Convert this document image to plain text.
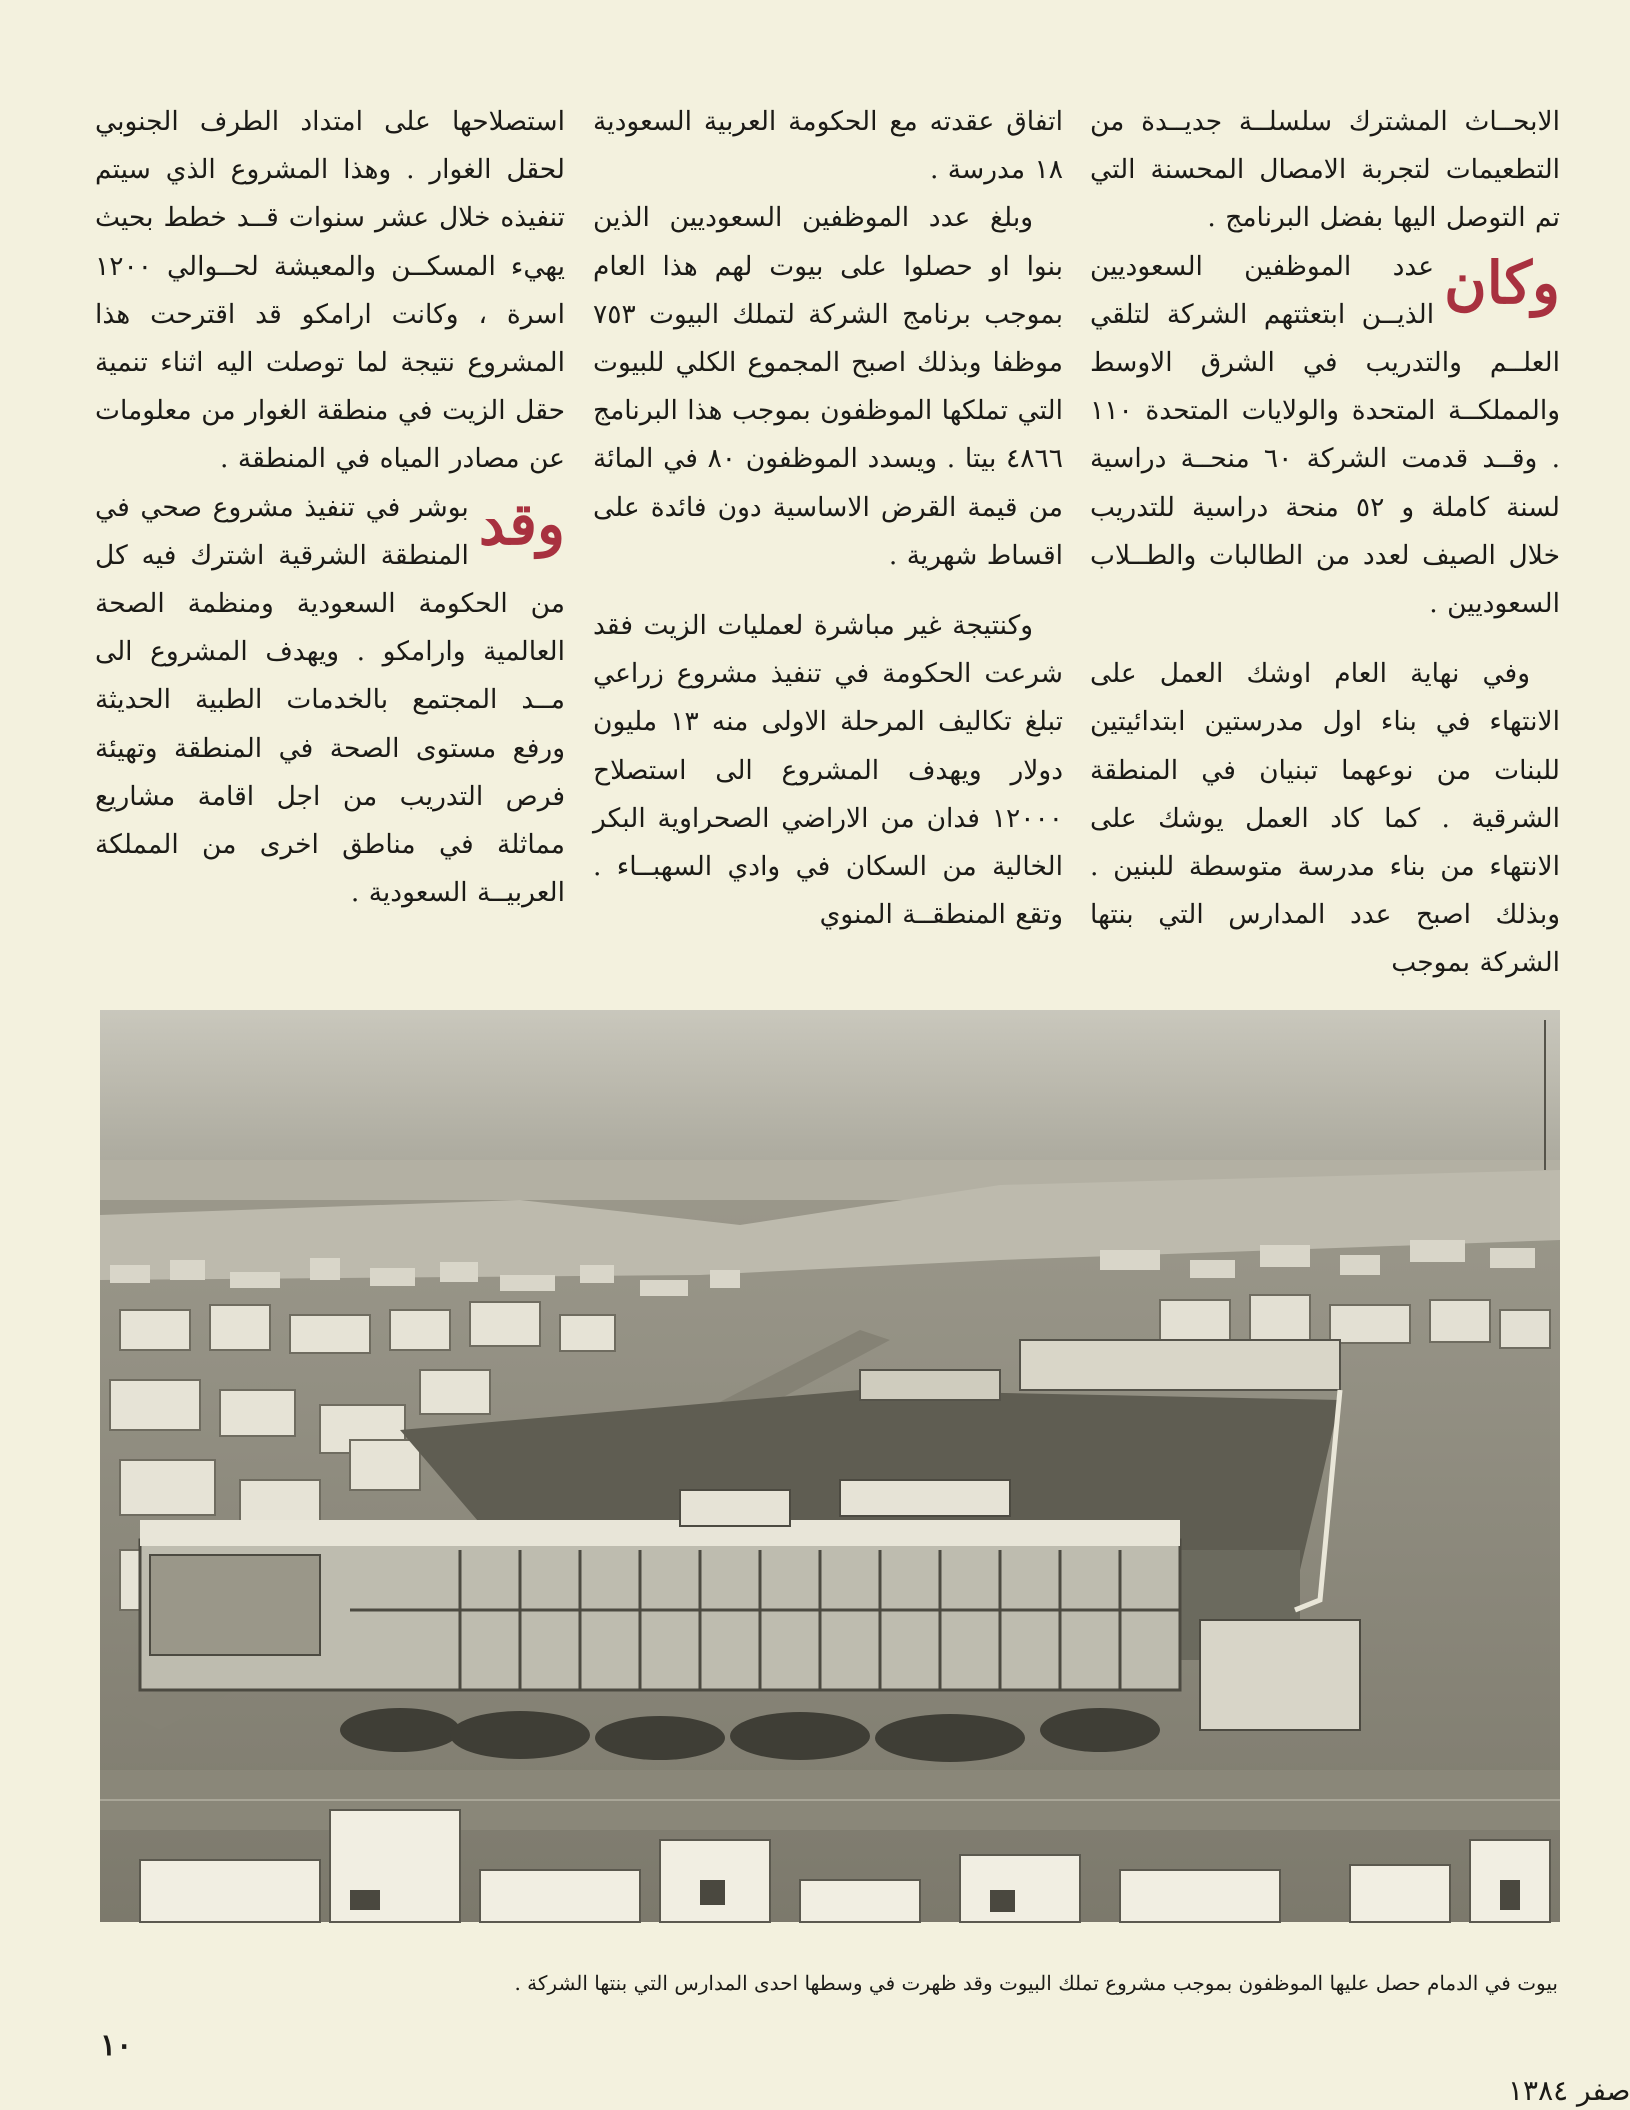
الابحــاث المشترك سلسلــة جديــدة من التطعيمات لتجربة الامصال المحسنة التي تم التوصل اليها بفضل البرنامج .

وكان
عدد الموظفين السعوديين الذيــن ابتعثتهم الشركة لتلقي العلــم والتدريب في الشرق الاوسط والمملكــة المتحدة والولايات المتحدة ١١٠ . وقــد قدمت الشركة ٦٠ منحــة دراسية لسنة كاملة و ٥٢ منحة دراسية للتدريب خلال الصيف لعدد من الطالبات والطــلاب السعوديين .

وفي نهاية العام اوشك العمل على الانتهاء في بناء اول مدرستين ابتدائيتين للبنات من نوعهما تبنيان في المنطقة الشرقية . كما كاد العمل يوشك على الانتهاء من بناء مدرسة متوسطة للبنين . وبذلك اصبح عدد المدارس التي بنتها الشركة بموجب

اتفاق عقدته مع الحكومة العربية السعودية ١٨ مدرسة .

وبلغ عدد الموظفين السعوديين الذين بنوا او حصلوا على بيوت لهم هذا العام بموجب برنامج الشركة لتملك البيوت ٧٥٣ موظفا وبذلك اصبح المجموع الكلي للبيوت التي تملكها الموظفون بموجب هذا البرنامج ٤٨٦٦ بيتا . ويسدد الموظفون ٨٠ في المائة من قيمة القرض الاساسية دون فائدة على اقساط شهرية .

وكنتيجة غير مباشرة لعمليات الزيت فقد شرعت الحكومة في تنفيذ مشروع زراعي تبلغ تكاليف المرحلة الاولى منه ١٣ مليون دولار ويهدف المشروع الى استصلاح ١٢٠٠٠ فدان من الاراضي الصحراوية البكر الخالية من السكان في وادي السهبــاء . وتقع المنطقــة المنوي

استصلاحها على امتداد الطرف الجنوبي لحقل الغوار . وهذا المشروع الذي سيتم تنفيذه خلال عشر سنوات قــد خطط بحيث يهيء المسكــن والمعيشة لحــوالي ١٢٠٠ اسرة ، وكانت ارامكو قد اقترحت هذا المشروع نتيجة لما توصلت اليه اثناء تنمية حقل الزيت في منطقة الغوار من معلومات عن مصادر المياه في المنطقة .

وقد
بوشر في تنفيذ مشروع صحي في المنطقة الشرقية اشترك فيه كل من الحكومة السعودية ومنظمة الصحة العالمية وارامكو . ويهدف المشروع الى مــد المجتمع بالخدمات الطبية الحديثة ورفع مستوى الصحة في المنطقة وتهيئة فرص التدريب من اجل اقامة مشاريع مماثلة في مناطق اخرى من المملكة العربيــة السعودية .

بيوت في الدمام حصل عليها الموظفون بموجب مشروع تملك البيوت وقد ظهرت في وسطها احدى المدارس التي بنتها الشركة .
١٠
صفر ١٣٨٤
